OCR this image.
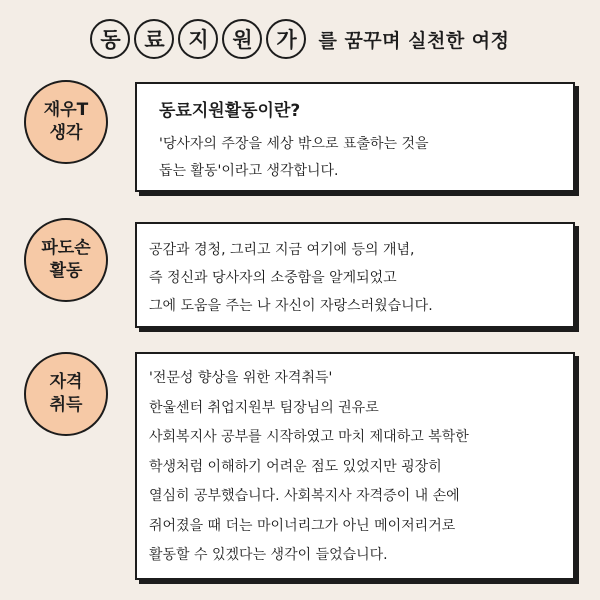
동	료	지	원	가	를 꿈꾸며 실천한 여정
재우T
생각
동료지원활동이란?
'당사자의 주장을 세상 밖으로 표출하는 것을
돕는 활동'이라고 생각합니다.
파도손
활동
공감과 경청, 그리고 지금 여기에 등의 개념,
즉 정신과 당사자의 소중함을 알게되었고
그에 도움을 주는 나 자신이 자랑스러웠습니다.
자격
취득
'전문성 향상을 위한 자격취득'
한울센터 취업지원부 팀장님의 권유로
사회복지사 공부를 시작하였고 마치 제대하고 복학한
학생처럼 이해하기 어려운 점도 있었지만 굉장히
열심히 공부했습니다. 사회복지사 자격증이 내 손에
쥐어졌을 때 더는 마이너리그가 아닌 메이저리거로
활동할 수 있겠다는 생각이 들었습니다.
